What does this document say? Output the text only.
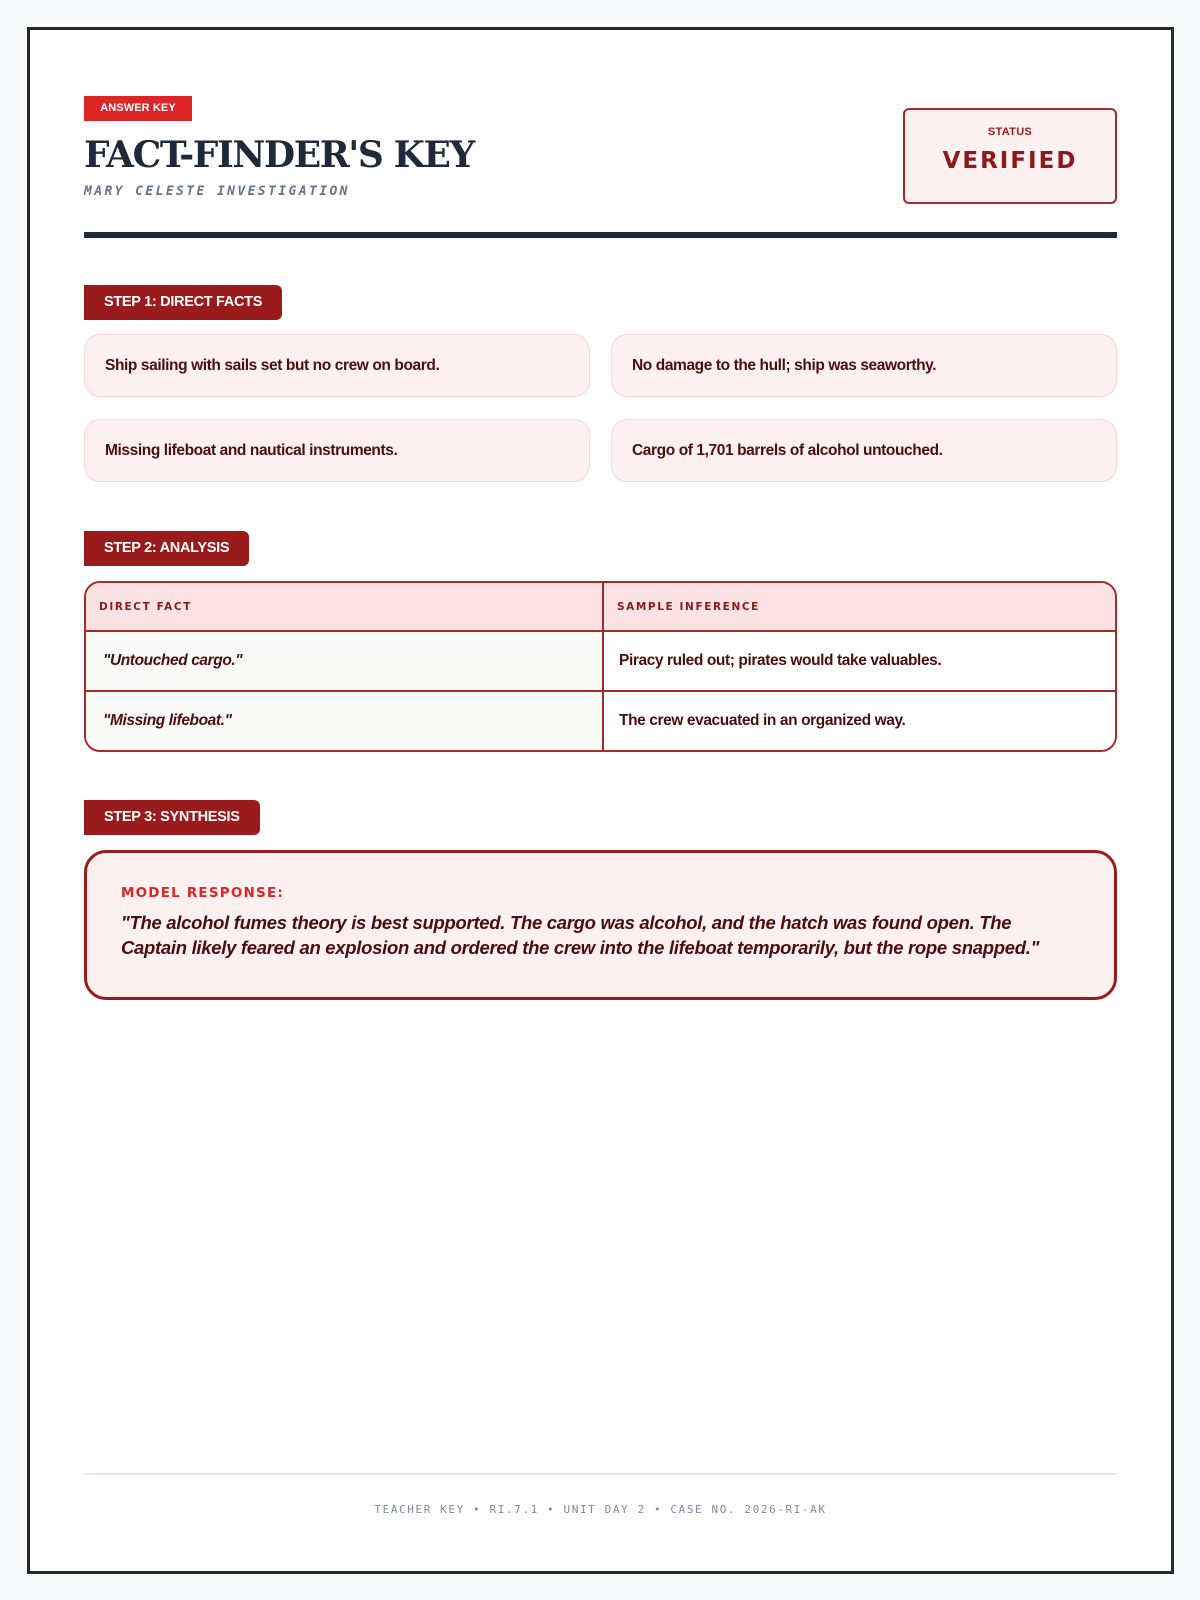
ANSWER KEY
FACT-FINDER'S KEY
MARY CELESTE INVESTIGATION
STATUS
VERIFIED
STEP 1: DIRECT FACTS
Ship sailing with sails set but no crew on board.	No damage to the hull; ship was seaworthy.
Missing lifeboat and nautical instruments.	Cargo of 1,701 barrels of alcohol untouched.
STEP 2: ANALYSIS
DIRECT FACT	SAMPLE INFERENCE
"Untouched cargo."	Piracy ruled out; pirates would take valuables.
"Missing lifeboat."	The crew evacuated in an organized way.
STEP 3: SYNTHESIS
MODEL RESPONSE:
"The alcohol fumes theory is best supported. The cargo was alcohol, and the hatch was found open. The Captain likely feared an explosion and ordered the crew into the lifeboat temporarily, but the rope snapped."
TEACHER KEY • RI.7.1 • UNIT DAY 2 • CASE NO. 2026-RI-AK
